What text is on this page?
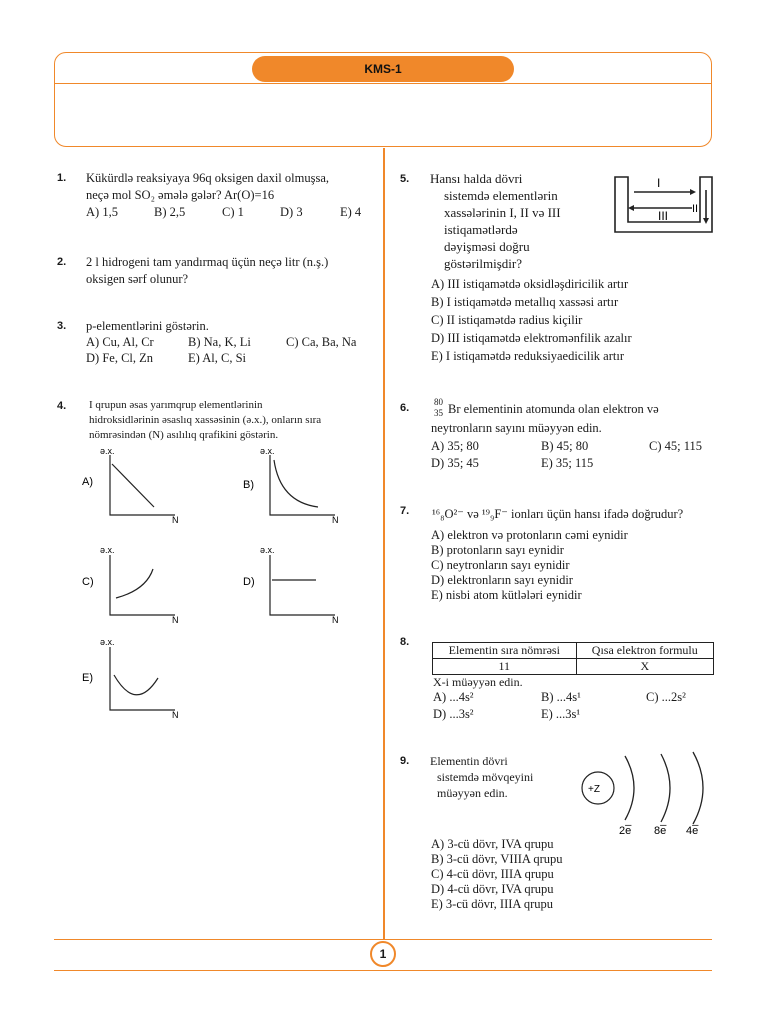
KMS-1
1. Kükürdlə reaksiyaya 96q oksigen daxil olmuşsa,
neçə mol SO₂ əmələ gələr? Ar(O)=16
A) 1,5	B) 2,5	C) 1	D) 3	E) 4
2. 2 l hidrogeni tam yandırmaq üçün neçə litr (n.ş.)
oksigen sərf olunur?
3. p-elementlərini göstərin.
A) Cu, Al, Cr	B) Na, K, Li	C) Ca, Ba, Na
D) Fe, Cl, Zn	E) Al, C, Si
4. I qrupun əsas yarımqrup elementlərinin
hidroksidlərinin əsaslıq xassəsinin (ə.x.), onların sıra
nömrəsindən (N) asılılıq qrafikini göstərin.
ə.x.
N
A)
ə.x.
N
B)
ə.x.
N
C)
ə.x.
N
D)
ə.x.
N
E)
5. Hansı halda dövri
sistemdə elementlərin
xassələrinin I, II və III
istiqamətlərdə
dəyişməsi doğru
göstərilmişdir?
I
II
III
A) III istiqamətdə oksidləşdiricilik artır
B) I istiqamətdə metallıq xassəsi artır
C) II istiqamətdə radius kiçilir
D) III istiqamətdə elektromənfilik azalır
E) I istiqamətdə reduksiyaedicilik artır
6.	80
35 Br elementinin atomunda olan elektron və
neytronların sayını müəyyən edin.
A) 35; 80	B) 45; 80	C) 45; 115
D) 35; 45	E) 35; 115
7. ¹⁶₈O²⁻ və ¹⁹₉F⁻ ionları üçün hansı ifadə doğrudur?
A) elektron və protonların cəmi eynidir
B) protonların sayı eynidir
C) neytronların sayı eynidir
D) elektronların sayı eynidir
E) nisbi atom kütlələri eynidir
8.
Elementin sıra nömrəsi	Qısa elektron formulu
11	X
X-i müəyyən edin.
A) ...4s²	B) ...4s¹	C) ...2s²
D) ...3s²	E) ...3s¹
9. Elementin dövri
sistemdə mövqeyini
müəyyən edin.	+Z
2e̅ 8e̅ 4e̅
A) 3-cü dövr, IVA qrupu
B) 3-cü dövr, VIIIA qrupu
C) 4-cü dövr, IIIA qrupu
D) 4-cü dövr, IVA qrupu
E) 3-cü dövr, IIIA qrupu
1
